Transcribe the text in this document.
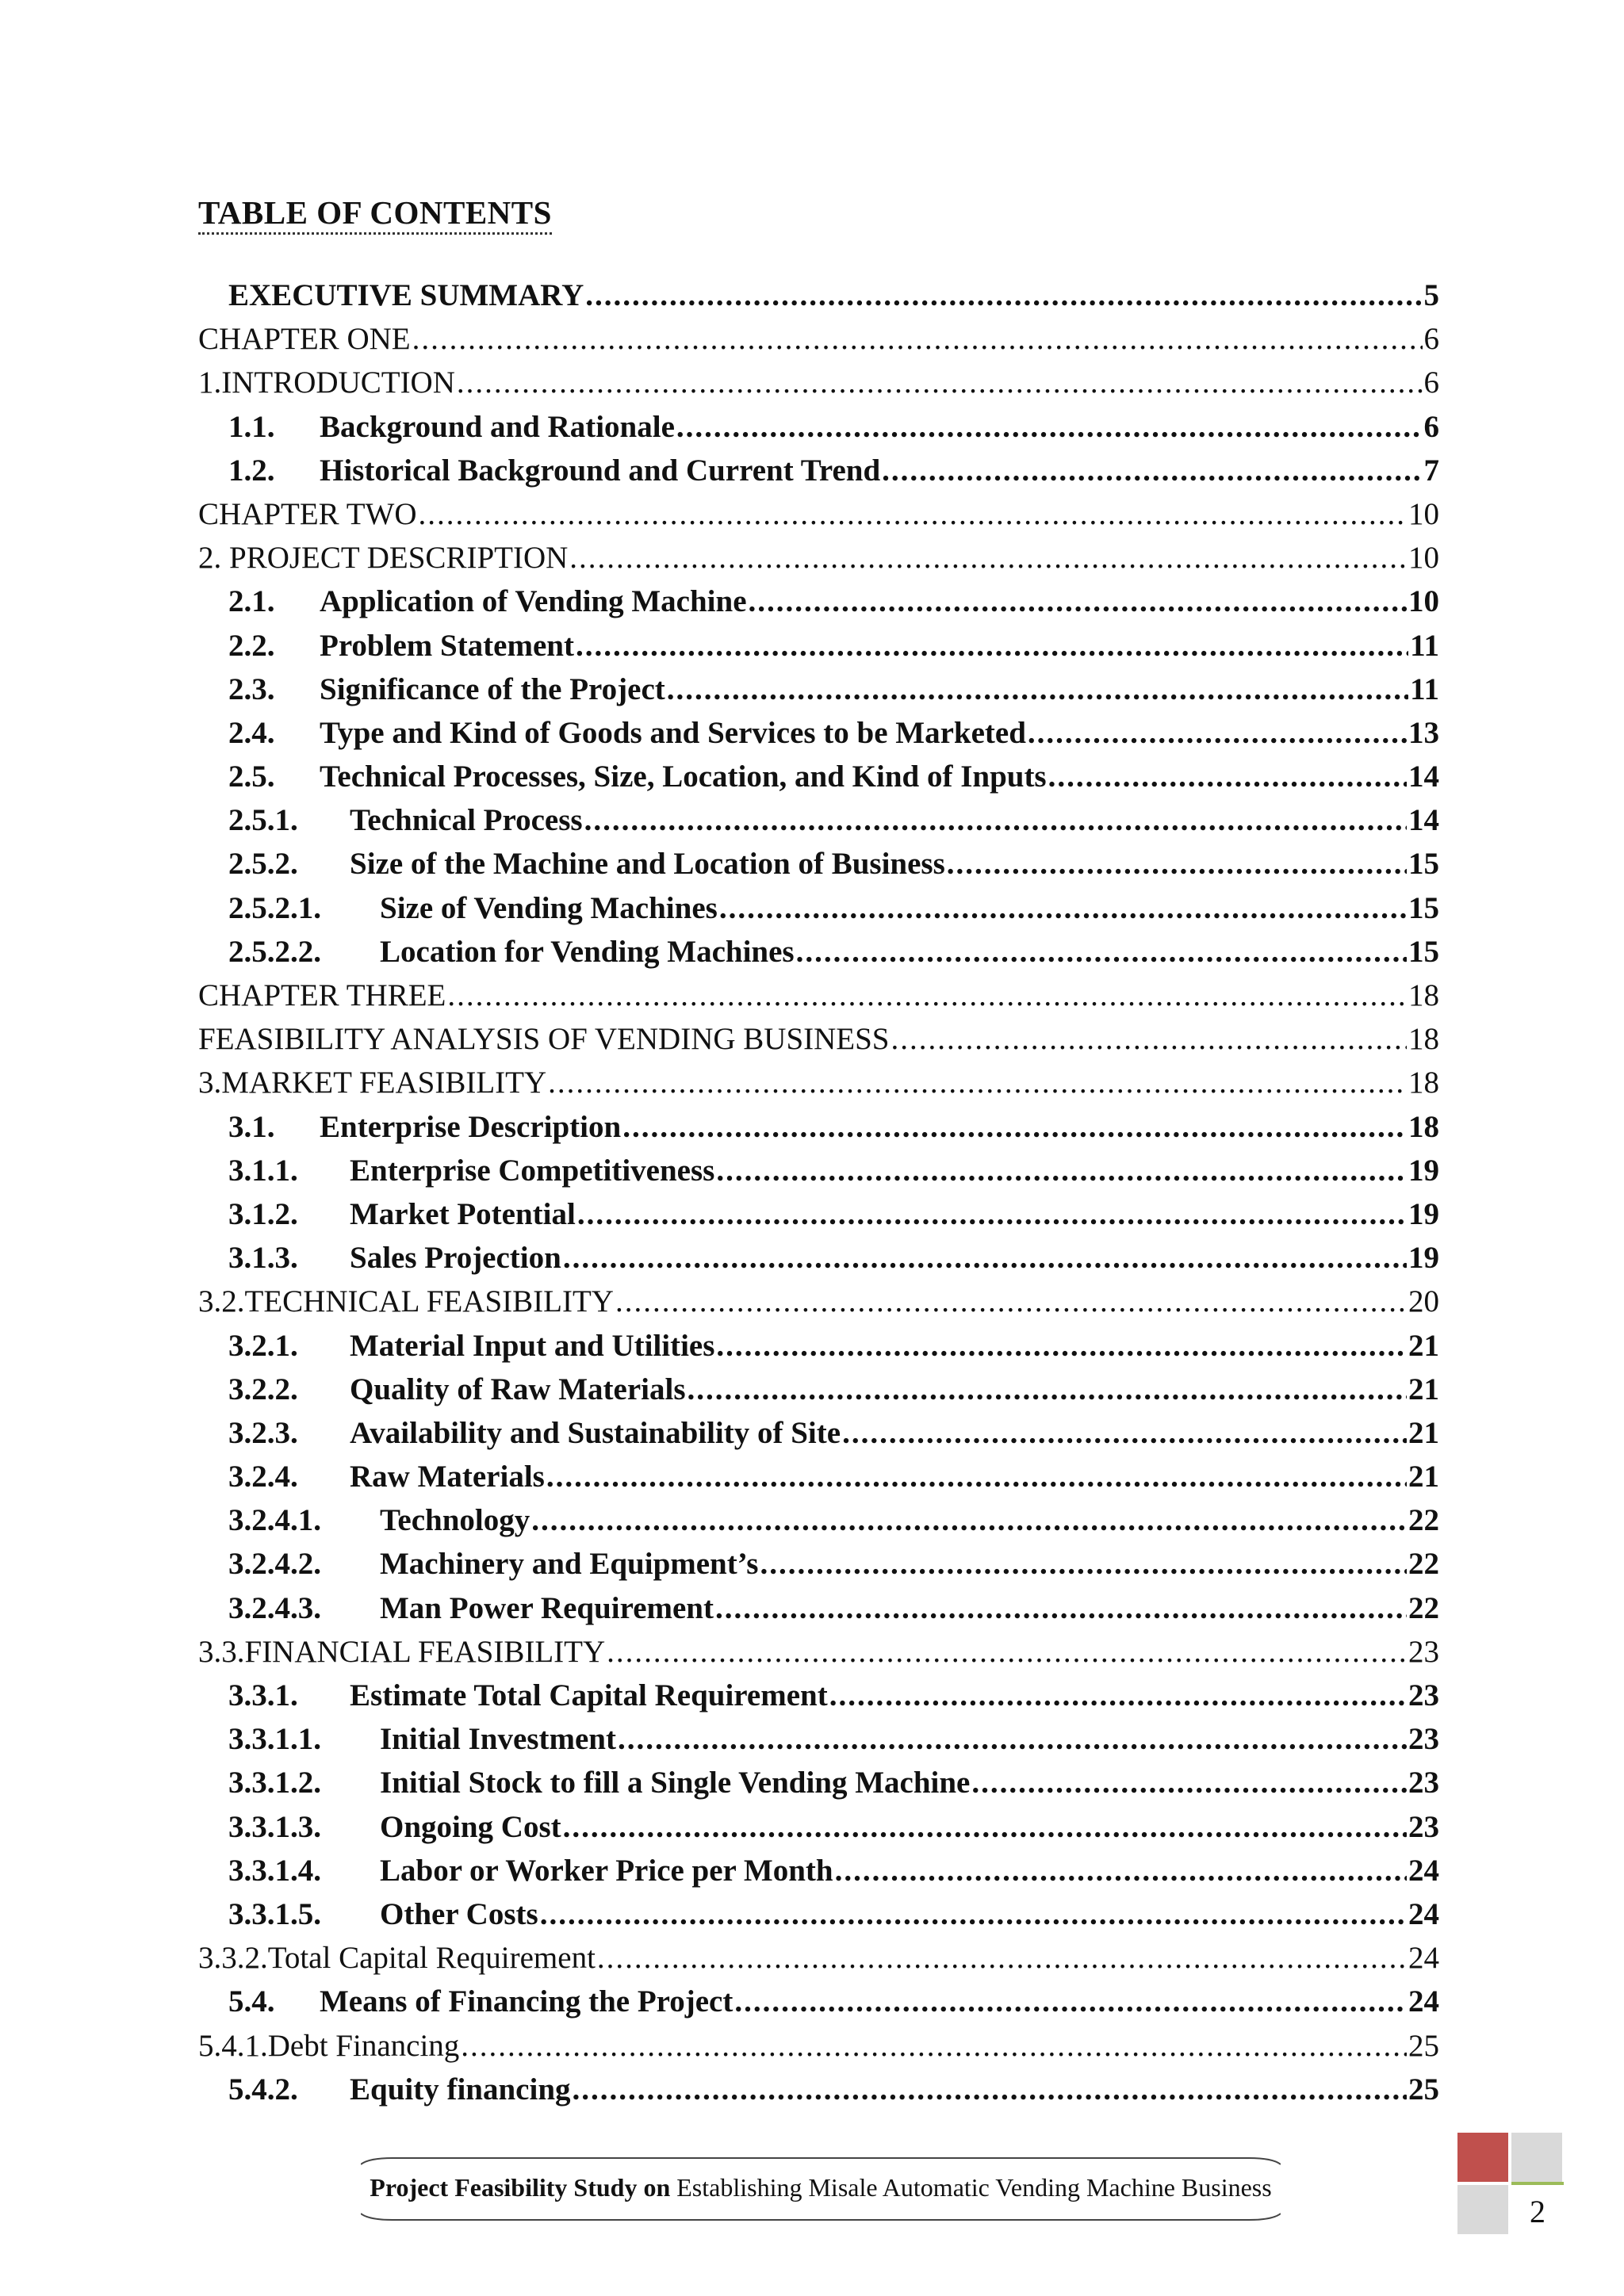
TABLE OF CONTENTS
EXECUTIVE SUMMARY .....	5
CHAPTER ONE .....	6
1.INTRODUCTION .....	6
1.1.	Background and Rationale .....	6
1.2.	Historical Background and Current Trend .....	7
CHAPTER TWO .....	10
2. PROJECT DESCRIPTION .....	10
2.1.	Application of Vending Machine .....	10
2.2.	Problem Statement .....	11
2.3.	Significance of the Project .....	11
2.4.	Type and Kind of Goods and Services to be Marketed .....	13
2.5.	Technical Processes, Size, Location, and Kind of Inputs .....	14
2.5.1.	Technical Process .....	14
2.5.2.	Size of the Machine and Location of Business .....	15
2.5.2.1.	Size of Vending Machines .....	15
2.5.2.2.	Location for Vending Machines .....	15
CHAPTER THREE .....	18
FEASIBILITY ANALYSIS OF VENDING BUSINESS .....	18
3.MARKET FEASIBILITY .....	18
3.1.	Enterprise Description .....	18
3.1.1.	Enterprise Competitiveness .....	19
3.1.2.	Market Potential .....	19
3.1.3.	Sales Projection .....	19
3.2.TECHNICAL FEASIBILITY .....	20
3.2.1.	Material Input and Utilities .....	21
3.2.2.	Quality of Raw Materials .....	21
3.2.3.	Availability and Sustainability of Site .....	21
3.2.4.	Raw Materials .....	21
3.2.4.1.	Technology .....	22
3.2.4.2.	Machinery and Equipment’s .....	22
3.2.4.3.	Man Power Requirement .....	22
3.3.FINANCIAL FEASIBILITY .....	23
3.3.1.	Estimate Total Capital Requirement .....	23
3.3.1.1.	Initial Investment .....	23
3.3.1.2.	Initial Stock to fill a Single Vending Machine .....	23
3.3.1.3.	Ongoing Cost .....	23
3.3.1.4.	Labor or Worker Price per Month .....	24
3.3.1.5.	Other Costs .....	24
3.3.2.Total Capital Requirement .....	24
5.4.	Means of Financing the Project .....	24
5.4.1.Debt Financing .....	25
5.4.2.	Equity financing .....	25
Project Feasibility Study on Establishing Misale Automatic Vending Machine Business
2
